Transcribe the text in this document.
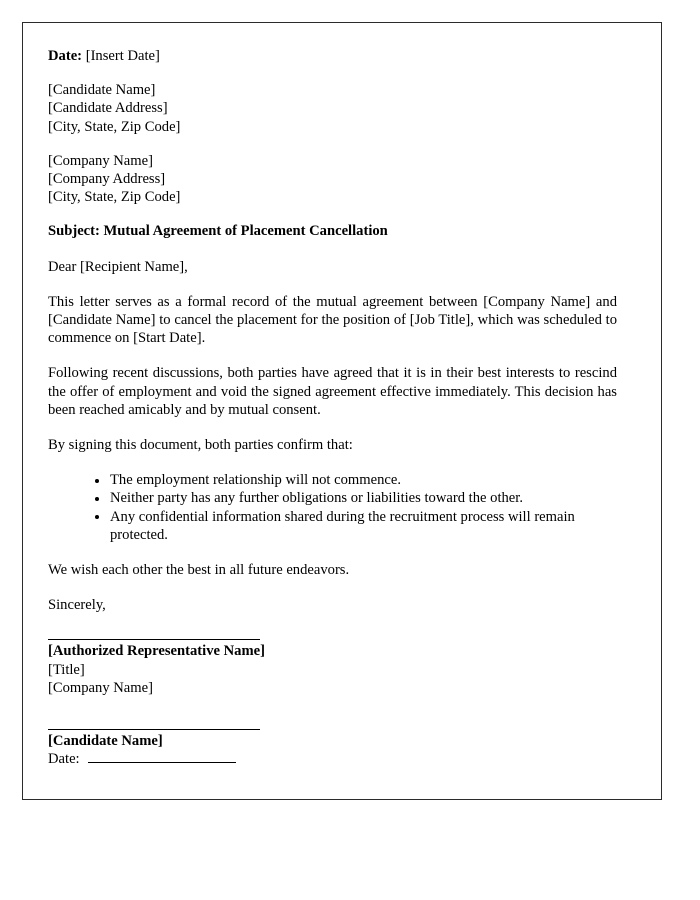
Date: [Insert Date]
[Candidate Name]
[Candidate Address]
[City, State, Zip Code]
[Company Name]
[Company Address]
[City, State, Zip Code]
Subject: Mutual Agreement of Placement Cancellation
Dear [Recipient Name],

This letter serves as a formal record of the mutual agreement between [Company Name] and [Candidate Name] to cancel the placement for the position of [Job Title], which was scheduled to commence on [Start Date].

Following recent discussions, both parties have agreed that it is in their best interests to rescind the offer of employment and void the signed agreement effective immediately. This decision has been reached amicably and by mutual consent.

By signing this document, both parties confirm that:

The employment relationship will not commence.
Neither party has any further obligations or liabilities toward the other.
Any confidential information shared during the recruitment process will remain protected.
We wish each other the best in all future endeavors.
Sincerely,
[Authorized Representative Name]
[Title]
[Company Name]
[Candidate Name]
Date:
